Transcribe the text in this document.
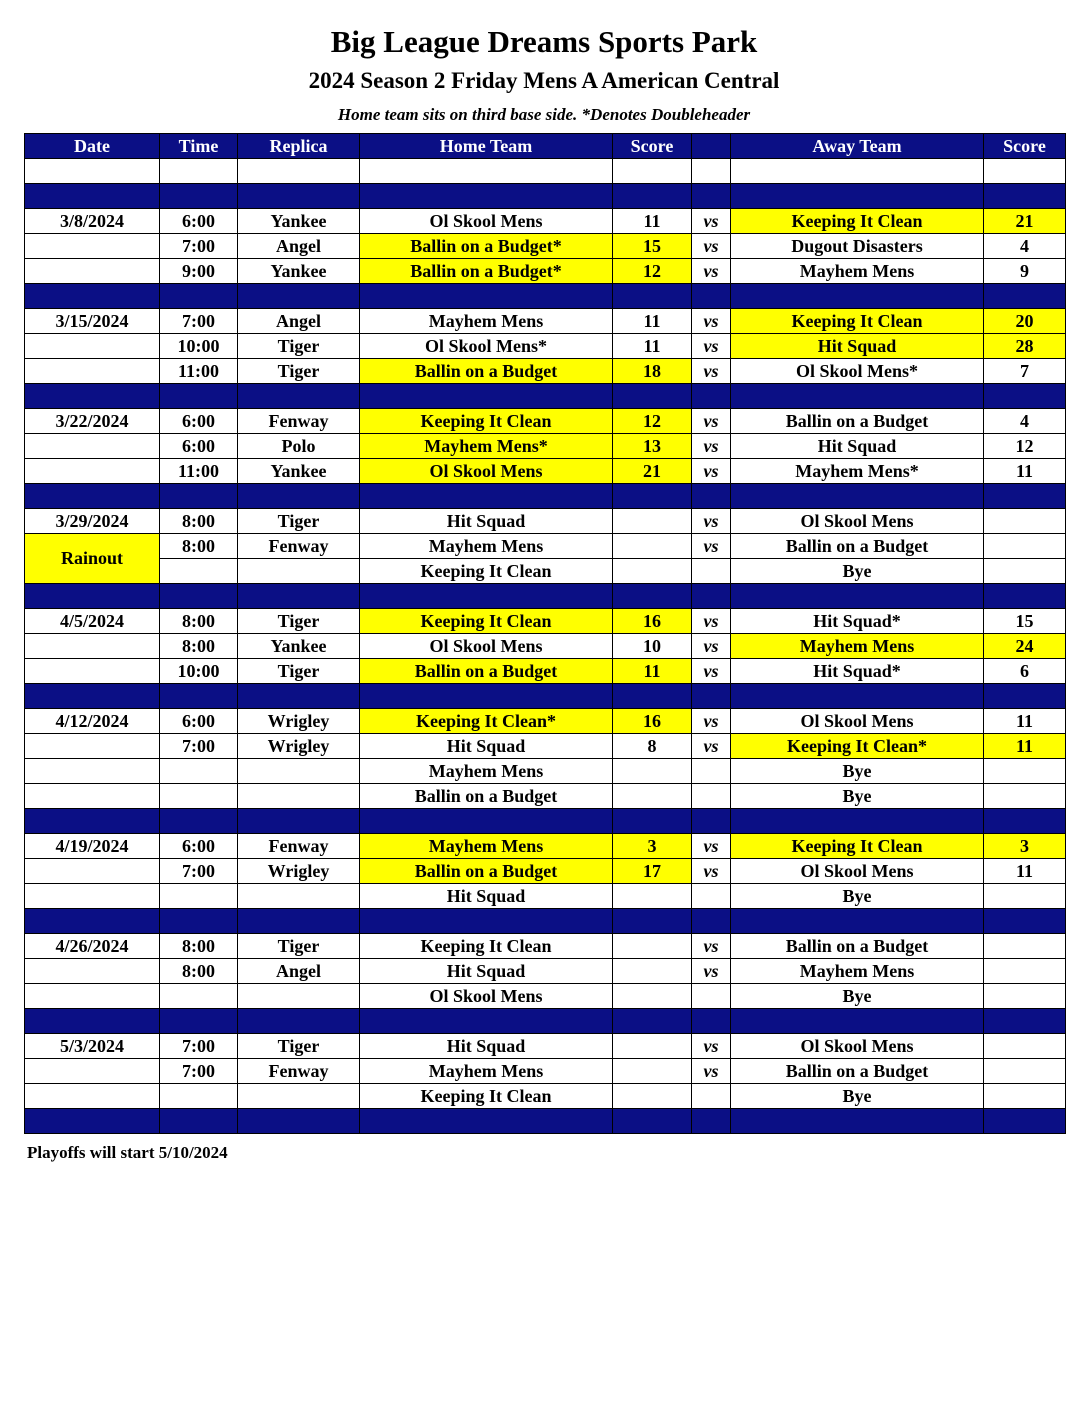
Big League Dreams Sports Park
2024 Season 2 Friday Mens A American Central
Home team sits on third base side. *Denotes Doubleheader
Date	Time	Replica	Home Team	Score		Away Team	Score

3/8/2024	6:00	Yankee	Ol Skool Mens	11	vs	Keeping It Clean	21
	7:00	Angel	Ballin on a Budget*	15	vs	Dugout Disasters	4
	9:00	Yankee	Ballin on a Budget*	12	vs	Mayhem Mens	9

3/15/2024	7:00	Angel	Mayhem Mens	11	vs	Keeping It Clean	20
	10:00	Tiger	Ol Skool Mens*	11	vs	Hit Squad	28
	11:00	Tiger	Ballin on a Budget	18	vs	Ol Skool Mens*	7

3/22/2024	6:00	Fenway	Keeping It Clean	12	vs	Ballin on a Budget	4
	6:00	Polo	Mayhem Mens*	13	vs	Hit Squad	12
	11:00	Yankee	Ol Skool Mens	21	vs	Mayhem Mens*	11

3/29/2024	8:00	Tiger	Hit Squad		vs	Ol Skool Mens	
Rainout	8:00	Fenway	Mayhem Mens		vs	Ballin on a Budget	
			Keeping It Clean			Bye	

4/5/2024	8:00	Tiger	Keeping It Clean	16	vs	Hit Squad*	15
	8:00	Yankee	Ol Skool Mens	10	vs	Mayhem Mens	24
	10:00	Tiger	Ballin on a Budget	11	vs	Hit Squad*	6

4/12/2024	6:00	Wrigley	Keeping It Clean*	16	vs	Ol Skool Mens	11
	7:00	Wrigley	Hit Squad	8	vs	Keeping It Clean*	11
			Mayhem Mens			Bye	
			Ballin on a Budget			Bye	

4/19/2024	6:00	Fenway	Mayhem Mens	3	vs	Keeping It Clean	3
	7:00	Wrigley	Ballin on a Budget	17	vs	Ol Skool Mens	11
			Hit Squad			Bye	

4/26/2024	8:00	Tiger	Keeping It Clean		vs	Ballin on a Budget	
	8:00	Angel	Hit Squad		vs	Mayhem Mens	
			Ol Skool Mens			Bye	

5/3/2024	7:00	Tiger	Hit Squad		vs	Ol Skool Mens	
	7:00	Fenway	Mayhem Mens		vs	Ballin on a Budget	
			Keeping It Clean			Bye	

Playoffs will start 5/10/2024
